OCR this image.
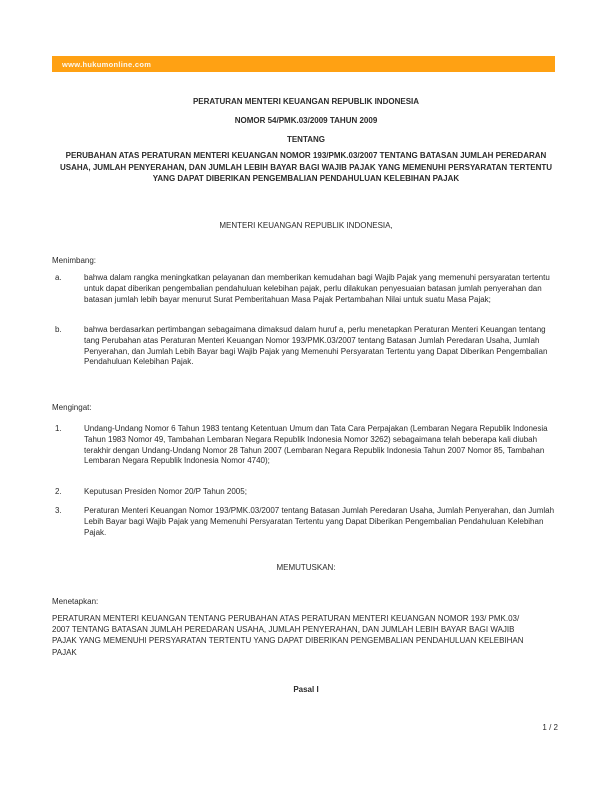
www.hukumonline.com
PERATURAN MENTERI KEUANGAN REPUBLIK INDONESIA
NOMOR 54/PMK.03/2009 TAHUN 2009
TENTANG
PERUBAHAN ATAS PERATURAN MENTERI KEUANGAN NOMOR 193/PMK.03/2007 TENTANG BATASAN JUMLAH PEREDARAN USAHA, JUMLAH PENYERAHAN, DAN JUMLAH LEBIH BAYAR BAGI WAJIB PAJAK YANG MEMENUHI PERSYARATAN TERTENTU YANG DAPAT DIBERIKAN PENGEMBALIAN PENDAHULUAN KELEBIHAN PAJAK
MENTERI KEUANGAN REPUBLIK INDONESIA,
Menimbang:
a.	bahwa dalam rangka meningkatkan pelayanan dan memberikan kemudahan bagi Wajib Pajak yang memenuhi persyaratan tertentu untuk dapat diberikan pengembalian pendahuluan kelebihan pajak, perlu dilakukan penyesuaian batasan jumlah penyerahan dan batasan jumlah lebih bayar menurut Surat Pemberitahuan Masa Pajak Pertambahan Nilai untuk suatu Masa Pajak;
b.	bahwa berdasarkan pertimbangan sebagaimana dimaksud dalam huruf a, perlu menetapkan Peraturan Menteri Keuangan tentang tang Perubahan atas Peraturan Menteri Keuangan Nomor 193/PMK.03/2007 tentang Batasan Jumlah Peredaran Usaha, Jumlah Penyerahan, dan Jumlah Lebih Bayar bagi Wajib Pajak yang Memenuhi Persyaratan Tertentu yang Dapat Diberikan Pengembalian Pendahuluan Kelebihan Pajak.
Mengingat:
1.	Undang-Undang Nomor 6 Tahun 1983 tentang Ketentuan Umum dan Tata Cara Perpajakan (Lembaran Negara Republik Indonesia Tahun 1983 Nomor 49, Tambahan Lembaran Negara Republik Indonesia Nomor 3262) sebagaimana telah beberapa kali diubah terakhir dengan Undang-Undang Nomor 28 Tahun 2007 (Lembaran Negara Republik Indonesia Tahun 2007 Nomor 85, Tambahan Lembaran Negara Republik Indonesia Nomor 4740);
2.	Keputusan Presiden Nomor 20/P Tahun 2005;
3.	Peraturan Menteri Keuangan Nomor 193/PMK.03/2007 tentang Batasan Jumlah Peredaran Usaha, Jumlah Penyerahan, dan Jumlah Lebih Bayar bagi Wajib Pajak yang Memenuhi Persyaratan Tertentu yang Dapat Diberikan Pengembalian Pendahuluan Kelebihan Pajak.
MEMUTUSKAN:
Menetapkan:
PERATURAN MENTERI KEUANGAN TENTANG PERUBAHAN ATAS PERATURAN MENTERI KEUANGAN NOMOR 193/ PMK.03/ 2007 TENTANG BATASAN JUMLAH PEREDARAN USAHA, JUMLAH PENYERAHAN, DAN JUMLAH LEBIH BAYAR BAGI WAJIB PAJAK YANG MEMENUHI PERSYARATAN TERTENTU YANG DAPAT DIBERIKAN PENGEMBALIAN PENDAHULUAN KELEBIHAN PAJAK
Pasal I
1 / 2
